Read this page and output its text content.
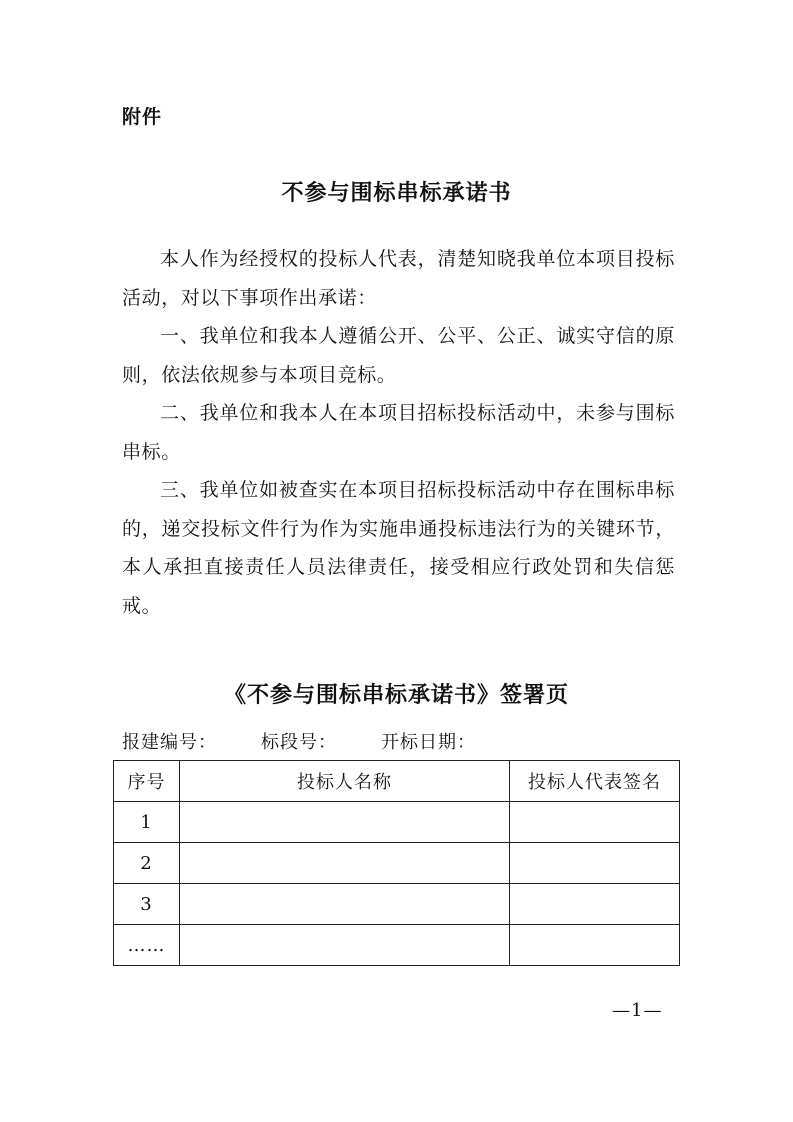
附件
不参与围标串标承诺书

本人作为经授权的投标人代表，清楚知晓我单位本项目投标活动，对以下事项作出承诺：

一、我单位和我本人遵循公开、公平、公正、诚实守信的原则，依法依规参与本项目竞标。

二、我单位和我本人在本项目招标投标活动中，未参与围标串标。

三、我单位如被查实在本项目招标投标活动中存在围标串标的，递交投标文件行为作为实施串通投标违法行为的关键环节，本人承担直接责任人员法律责任，接受相应行政处罚和失信惩戒。

《不参与围标串标承诺书》签署页
报建编号： 标段号： 开标日期：
序号	投标人名称	投标人代表签名
1		
2		
3		
……		
—1—
